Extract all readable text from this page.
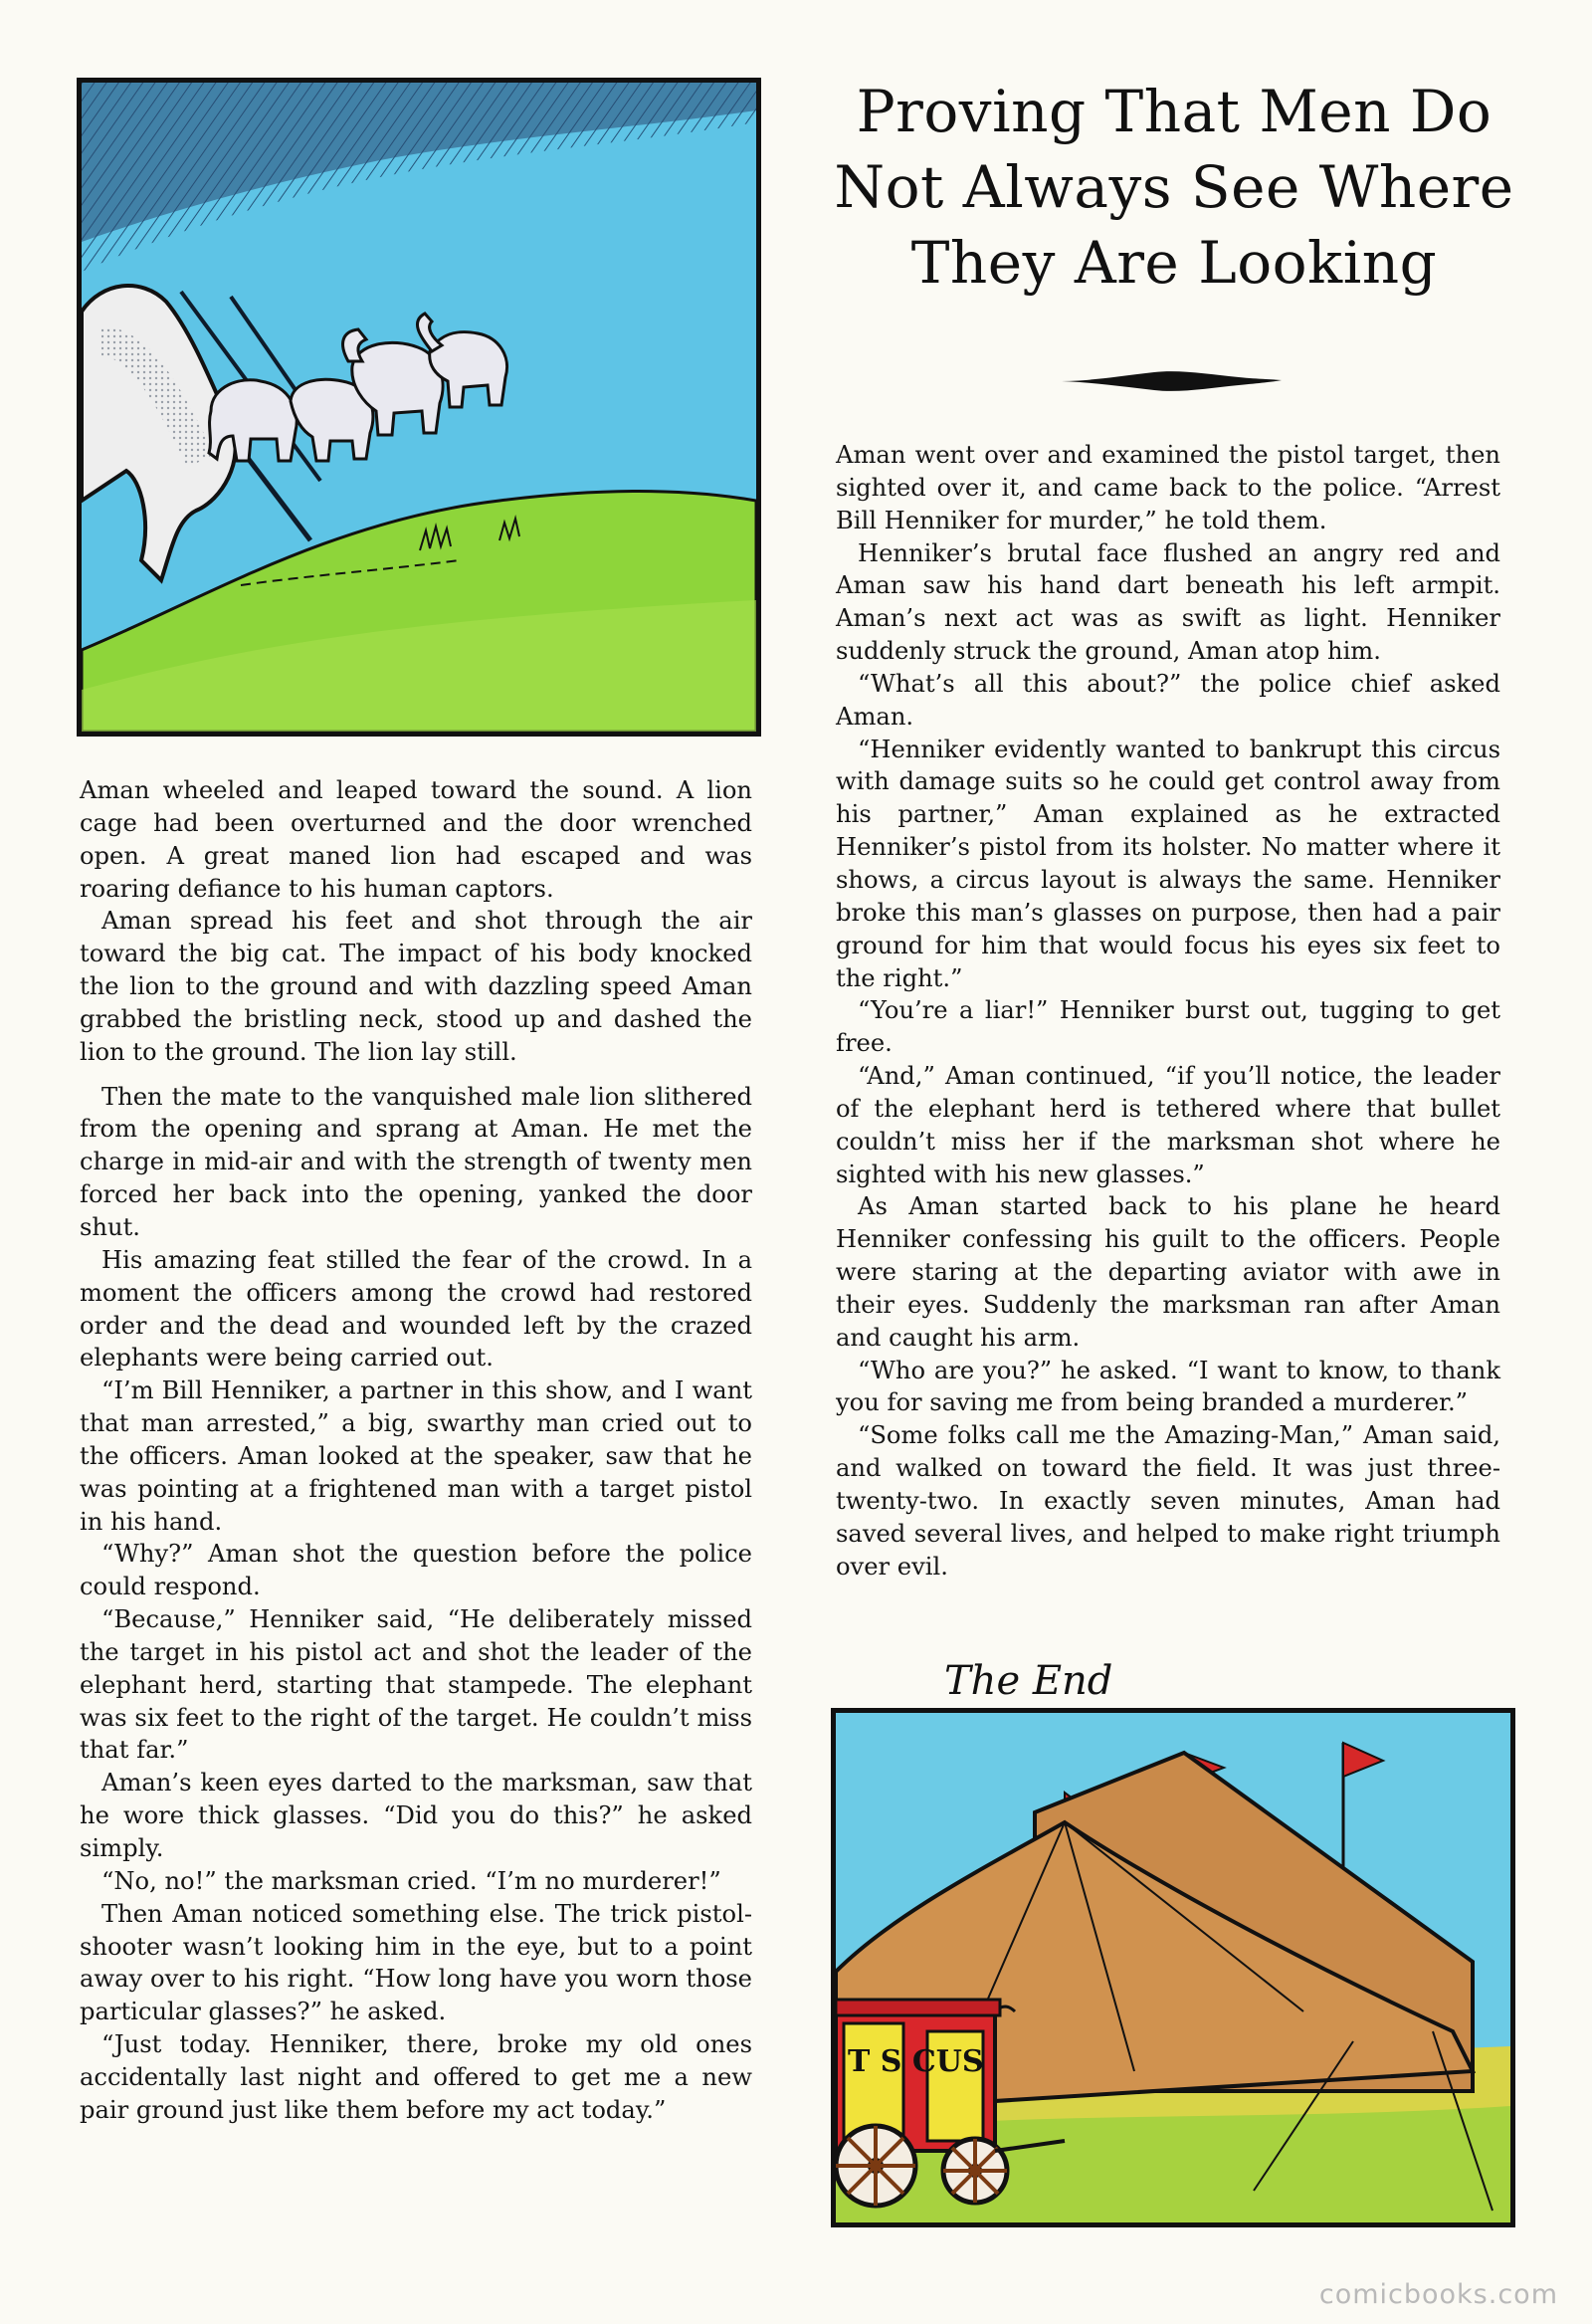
Proving That Men Do
Not Always See Where
They Are Looking

Aman wheeled and leaped toward the sound. A lion cage had been overturned and the door wrenched open. A great maned lion had escaped and was roaring defiance to his human captors.

Aman spread his feet and shot through the air toward the big cat. The impact of his body knocked the lion to the ground and with dazzling speed Aman grabbed the bristling neck, stood up and dashed the lion to the ground. The lion lay still.

Then the mate to the vanquished male lion slithered from the opening and sprang at Aman. He met the charge in mid-air and with the strength of twenty men forced her back into the opening, yanked the door shut.

His amazing feat stilled the fear of the crowd. In a moment the officers among the crowd had restored order and the dead and wounded left by the crazed elephants were being carried out.

“I’m Bill Henniker, a partner in this show, and I want that man arrested,” a big, swarthy man cried out to the officers. Aman looked at the speaker, saw that he was pointing at a frightened man with a target pistol in his hand.

“Why?” Aman shot the question before the police could respond.

“Because,” Henniker said, “He deliberately missed the target in his pistol act and shot the leader of the elephant herd, starting that stampede. The elephant was six feet to the right of the target. He couldn’t miss that far.”

Aman’s keen eyes darted to the marksman, saw that he wore thick glasses. “Did you do this?” he asked simply.

“No, no!” the marksman cried. “I’m no murderer!”

Then Aman noticed something else. The trick pistol-shooter wasn’t looking him in the eye, but to a point away over to his right. “How long have you worn those particular glasses?” he asked.

“Just today. Henniker, there, broke my old ones accidentally last night and offered to get me a new pair ground just like them before my act today.”

Aman went over and examined the pistol target, then sighted over it, and came back to the police. “Arrest Bill Henniker for murder,” he told them.

Henniker’s brutal face flushed an angry red and Aman saw his hand dart beneath his left armpit. Aman’s next act was as swift as light. Henniker suddenly struck the ground, Aman atop him.

“What’s all this about?” the police chief asked Aman.

“Henniker evidently wanted to bankrupt this circus with damage suits so he could get control away from his partner,” Aman explained as he extracted Henniker’s pistol from its holster. No matter where it shows, a circus layout is always the same. Henniker broke this man’s glasses on purpose, then had a pair ground for him that would focus his eyes six feet to the right.”

“You’re a liar!” Henniker burst out, tugging to get free.

“And,” Aman continued, “if you’ll notice, the leader of the elephant herd is tethered where that bullet couldn’t miss her if the marksman shot where he sighted with his new glasses.”

As Aman started back to his plane he heard Henniker confessing his guilt to the officers. People were staring at the departing aviator with awe in their eyes. Suddenly the marksman ran after Aman and caught his arm.

“Who are you?” he asked. “I want to know, to thank you for saving me from being branded a murderer.”

“Some folks call me the Amazing-Man,” Aman said, and walked on toward the field. It was just three-twenty-two. In exactly seven minutes, Aman had saved several lives, and helped to make right triumph over evil.

The End
T S CUS
comicbooks.com
